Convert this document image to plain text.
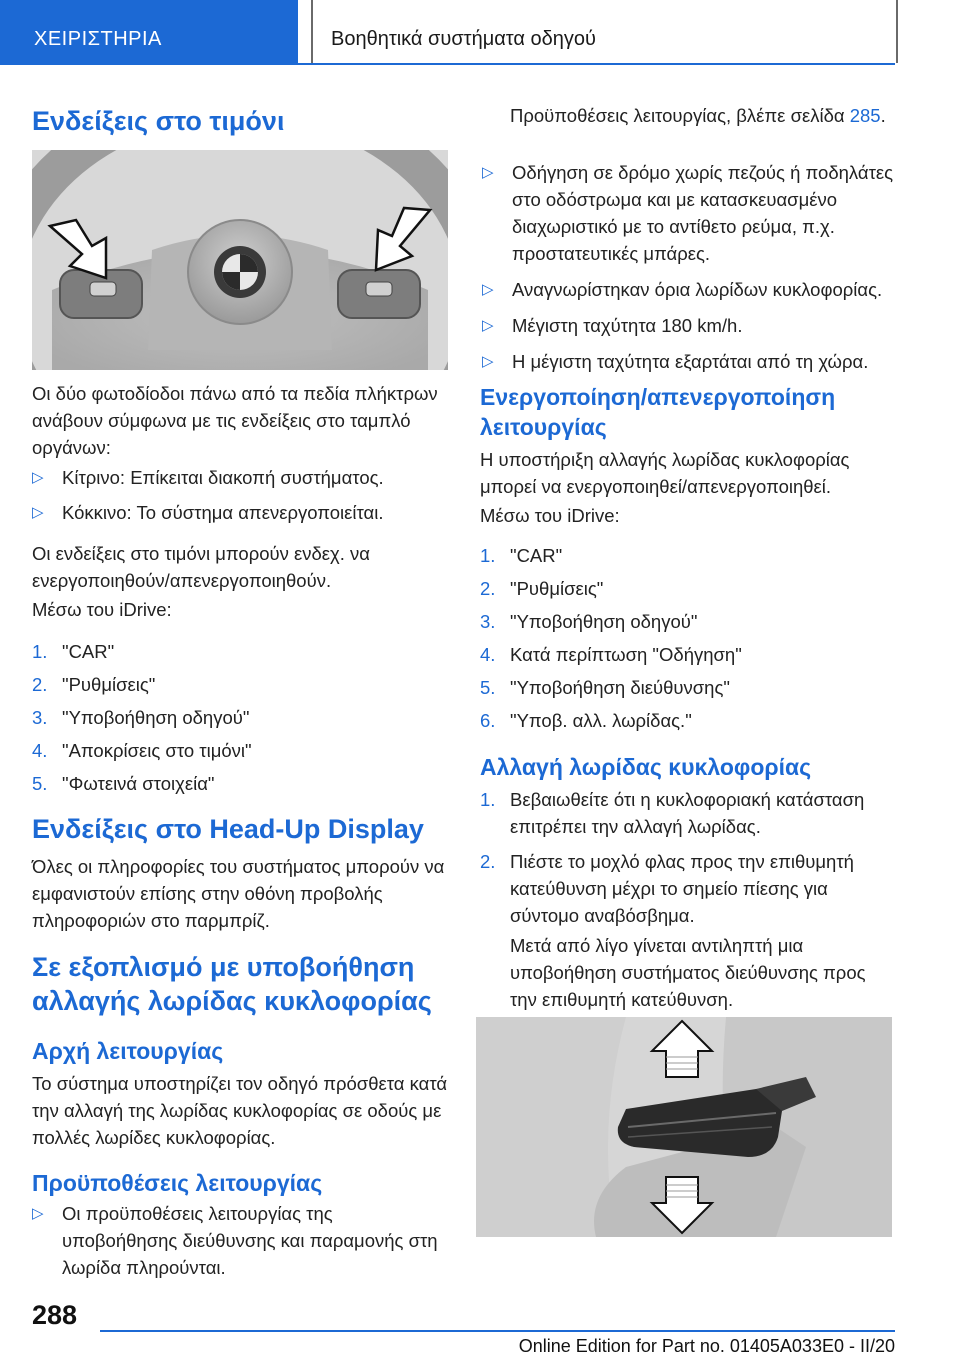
ΧΕΙΡΙΣΤΗΡΙΑ	Βοηθητικά συστήματα οδηγού
Ενδείξεις στο τιμόνι

Οι δύο φωτοδίοδοι πάνω από τα πεδία πλήκτρων ανάβουν σύμφωνα με τις ενδείξεις στο ταμπλό οργάνων:

▷ Κίτρινο: Επίκειται διακοπή συστήματος.
▷ Κόκκινο: Το σύστημα απενεργοποιείται.

Οι ενδείξεις στο τιμόνι μπορούν ενδεχ. να ενεργοποιηθούν/απενεργοποιηθούν.

Μέσω του iDrive:

1. "CAR"
2. "Ρυθμίσεις"
3. "Υποβοήθηση οδηγού"
4. "Αποκρίσεις στο τιμόνι"
5. "Φωτεινά στοιχεία"
Ενδείξεις στο Head-Up Display

Όλες οι πληροφορίες του συστήματος μπορούν να εμφανιστούν επίσης στην οθόνη προβολής πληροφοριών στο παρμπρίζ.

Σε εξοπλισμό με υποβοήθηση αλλαγής λωρίδας κυκλοφορίας
Αρχή λειτουργίας

Το σύστημα υποστηρίζει τον οδηγό πρόσθετα κατά την αλλαγή της λωρίδας κυκλοφορίας σε οδούς με πολλές λωρίδες κυκλοφορίας.

Προϋποθέσεις λειτουργίας
▷ Οι προϋποθέσεις λειτουργίας της υποβοήθησης διεύθυνσης και παραμονής στη λωρίδα πληρούνται.

Προϋποθέσεις λειτουργίας, βλέπε σελίδα 285.

▷ Οδήγηση σε δρόμο χωρίς πεζούς ή ποδηλάτες στο οδόστρωμα και με κατασκευασμένο διαχωριστικό με το αντίθετο ρεύμα, π.χ. προστατευτικές μπάρες.
▷ Αναγνωρίστηκαν όρια λωρίδων κυκλοφορίας.
▷ Μέγιστη ταχύτητα 180 km/h.
▷ Η μέγιστη ταχύτητα εξαρτάται από τη χώρα.
Ενεργοποίηση/απενεργοποίηση λειτουργίας

Η υποστήριξη αλλαγής λωρίδας κυκλοφορίας μπορεί να ενεργοποιηθεί/απενεργοποιηθεί.

Μέσω του iDrive:

1. "CAR"
2. "Ρυθμίσεις"
3. "Υποβοήθηση οδηγού"
4. Κατά περίπτωση "Οδήγηση"
5. "Υποβοήθηση διεύθυνσης"
6. "Υποβ. αλλ. λωρίδας."
Αλλαγή λωρίδας κυκλοφορίας
1. Βεβαιωθείτε ότι η κυκλοφοριακή κατάσταση επιτρέπει την αλλαγή λωρίδας.
2. Πιέστε το μοχλό φλας προς την επιθυμητή κατεύθυνση μέχρι το σημείο πίεσης για σύντομο αναβόσβημα.

Μετά από λίγο γίνεται αντιληπτή μια υποβοήθηση συστήματος διεύθυνσης προς την επιθυμητή κατεύθυνση.

288
Online Edition for Part no. 01405A033E0 - II/20
